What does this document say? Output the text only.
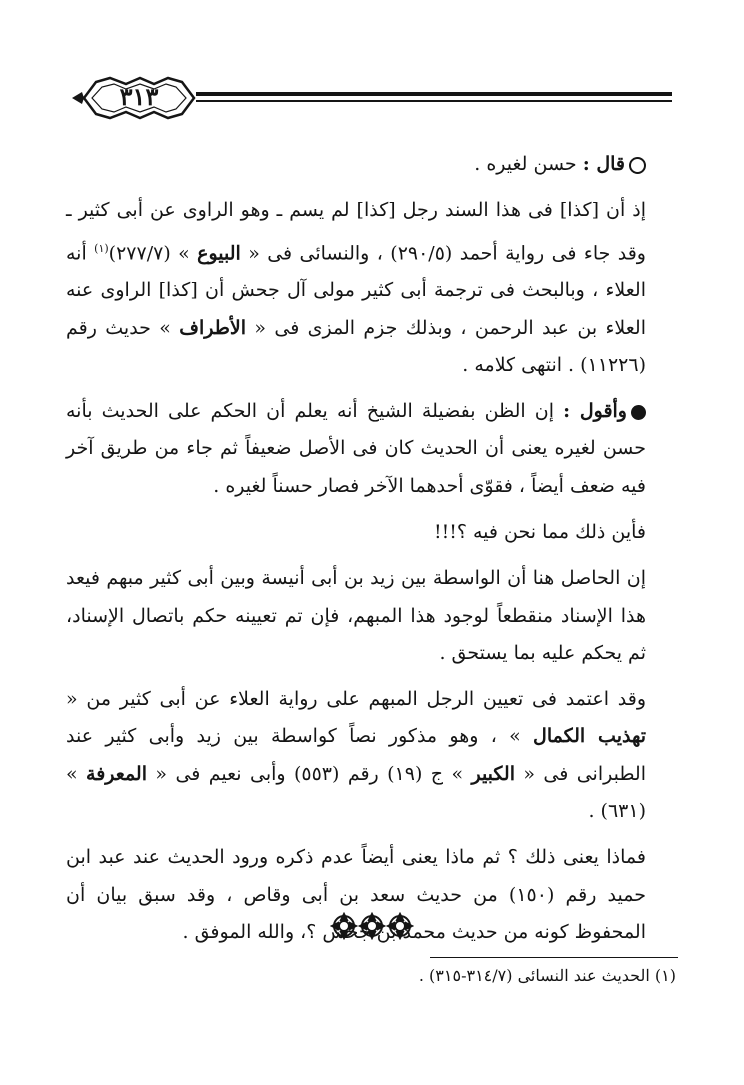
٣١٣

قال : حسن لغيره .

إذ أن [كذا] فى هذا السند رجل [كذا] لم يسم ـ وهو الراوى عن أبى كثير ـ وقد جاء فى رواية أحمد (٢٩٠/٥) ، والنسائى فى « البيوع » (٢٧٧/٧)$^{(١)}$ أنه العلاء ، وبالبحث فى ترجمة أبى كثير مولى آل جحش أن [كذا] الراوى عنه العلاء بن عبد الرحمن ، وبذلك جزم المزى فى « الأطراف » حديث رقم (١١٢٢٦) . انتهى كلامه .

وأقول : إن الظن بفضيلة الشيخ أنه يعلم أن الحكم على الحديث بأنه حسن لغيره يعنى أن الحديث كان فى الأصل ضعيفاً ثم جاء من طريق آخر فيه ضعف أيضاً ، فقوّى أحدهما الآخر فصار حسناً لغيره .

فأين ذلك مما نحن فيه ؟!!!

إن الحاصل هنا أن الواسطة بين زيد بن أبى أنيسة وبين أبى كثير مبهم فيعد هذا الإسناد منقطعاً لوجود هذا المبهم، فإن تم تعيينه حكم باتصال الإسناد، ثم يحكم عليه بما يستحق .

وقد اعتمد فى تعيين الرجل المبهم على رواية العلاء عن أبى كثير من « تهذيب الكمال » ، وهو مذكور نصاً كواسطة بين زيد وأبى كثير عند الطبرانى فى « الكبير » ج (١٩) رقم (٥٥٣) وأبى نعيم فى « المعرفة » (٦٣١) .

فماذا يعنى ذلك ؟ ثم ماذا يعنى أيضاً عدم ذكره ورود الحديث عند عبد ابن حميد رقم (١٥٠) من حديث سعد بن أبى وقاص ، وقد سبق بيان أن المحفوظ كونه من حديث محمد بن جحش ؟، والله الموفق .

(١) الحديث عند النسائى (٣١٤/٧-٣١٥) .
